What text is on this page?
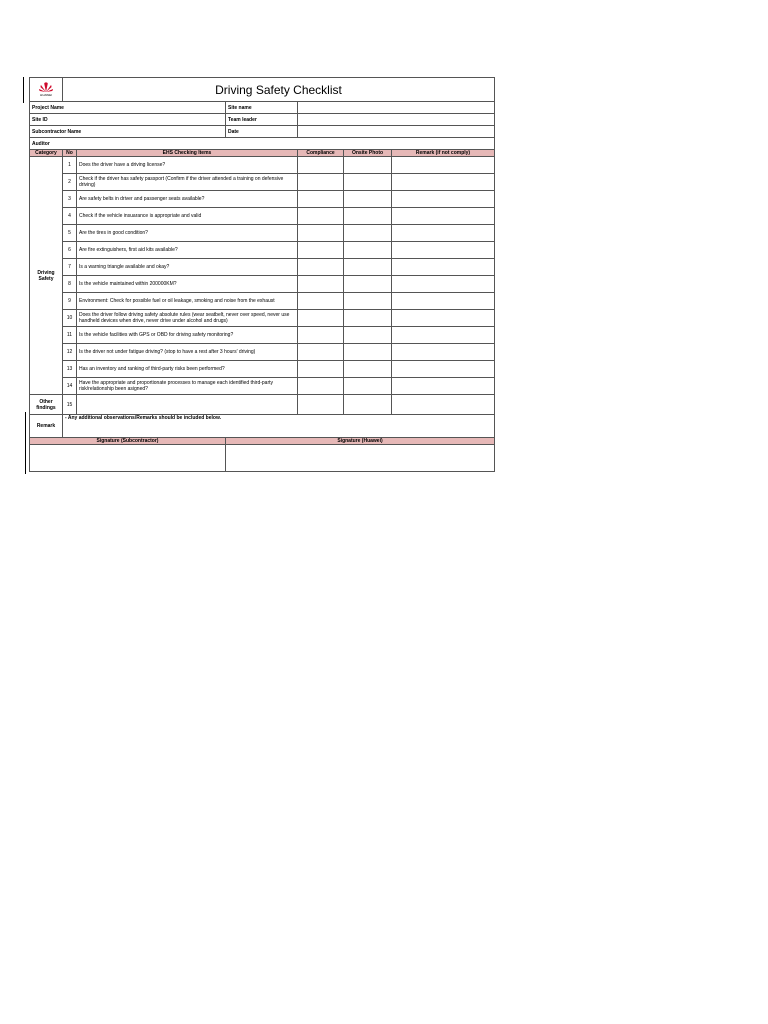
HUAWEI	Driving Safety Checklist					
Project Name			Site name			
Site ID			Team leader			
Subcontractor Name			Date			
Auditor						
Category	No	EHS Checking Items		Compliance	Onsite Photo	Remark (if not comply)
Driving Safety	1	Does the driver have a driving license?				
	2	Check if the driver has safety passport (Confirm if the driver attended a training on defensive driving)				
	3	Are safety belts in driver and passenger seats available?				
	4	Check if the vehicle insuarance is appropriate and valid				
	5	Are the tires in good condition?				
	6	Are fire extinguishers, first aid kits available?				
	7	Is a warning triangle available and okay?				
	8	Is the vehicle maintained within 200000KM?				
	9	Environment: Check for possible fuel or oil leakage, smoking and noise from the exhaust				
	10	Does the driver follow driving safety absolute rules (wear seatbelt, never over speed, never use handheld devices when drive, never drive under alcohol and drugs)				
	11	Is the vehicle facilities with GPS or OBD for driving safety monitoring?				
	12	Is the driver not under fatigue driving? (stop to have a rest after 3 hours' driving)				
	13	Has an inventory and ranking of third-party risks been performed?				
	14	Have the appropriate and proportionate processes to manage each identified third-party risk/relationship been asigned?				
Other findings	15					
Remark	- Any additional observations/Remarks should be included below.					
Signature (Subcontractor)			Signature (Huawei)			
